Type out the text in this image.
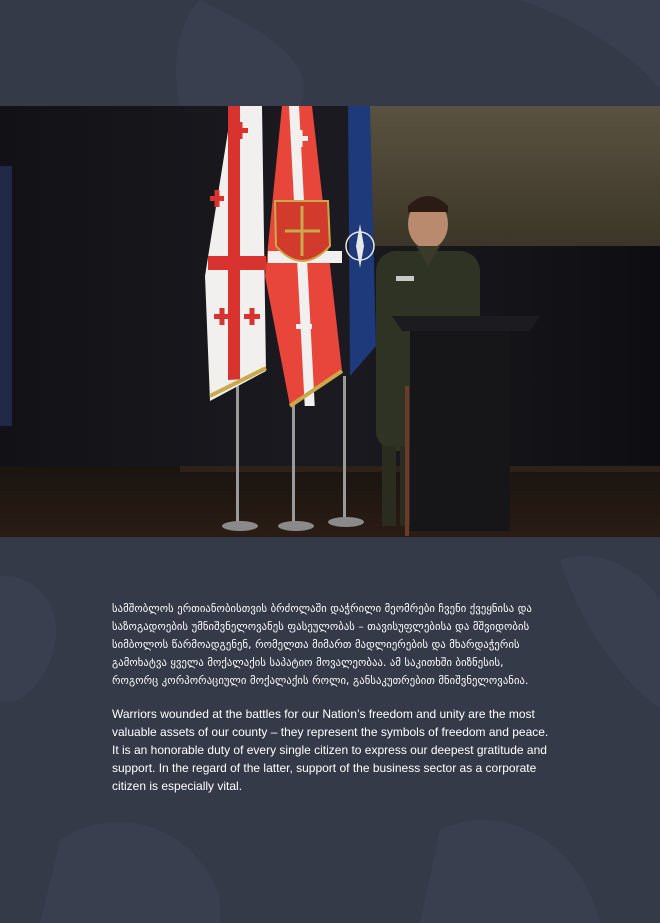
სამშობლოს ერთიანობისთვის ბრძოლაში დაჭრილი მეომრები ჩვენი ქვეყნისა და საზოგადოების უმნიშვნელოვანეს ფასეულობას – თავისუფლებისა და მშვიდობის სიმბოლოს წარმოადგენენ, რომელთა მიმართ მადლიერების და მხარდაჭერის გამოხატვა ყველა მოქალაქის საპატიო მოვალეობაა. ამ საკითხში ბიზნესის, როგორც კორპორაციული მოქალაქის როლი, განსაკუთრებით მნიშვნელოვანია.

Warriors wounded at the battles for our Nation’s freedom and unity are the most valuable assets of our county – they represent the symbols of freedom and peace. It is an honorable duty of every single citizen to express our deepest gratitude and support. In the regard of the latter, support of the business sector as a corporate citizen is especially vital.
